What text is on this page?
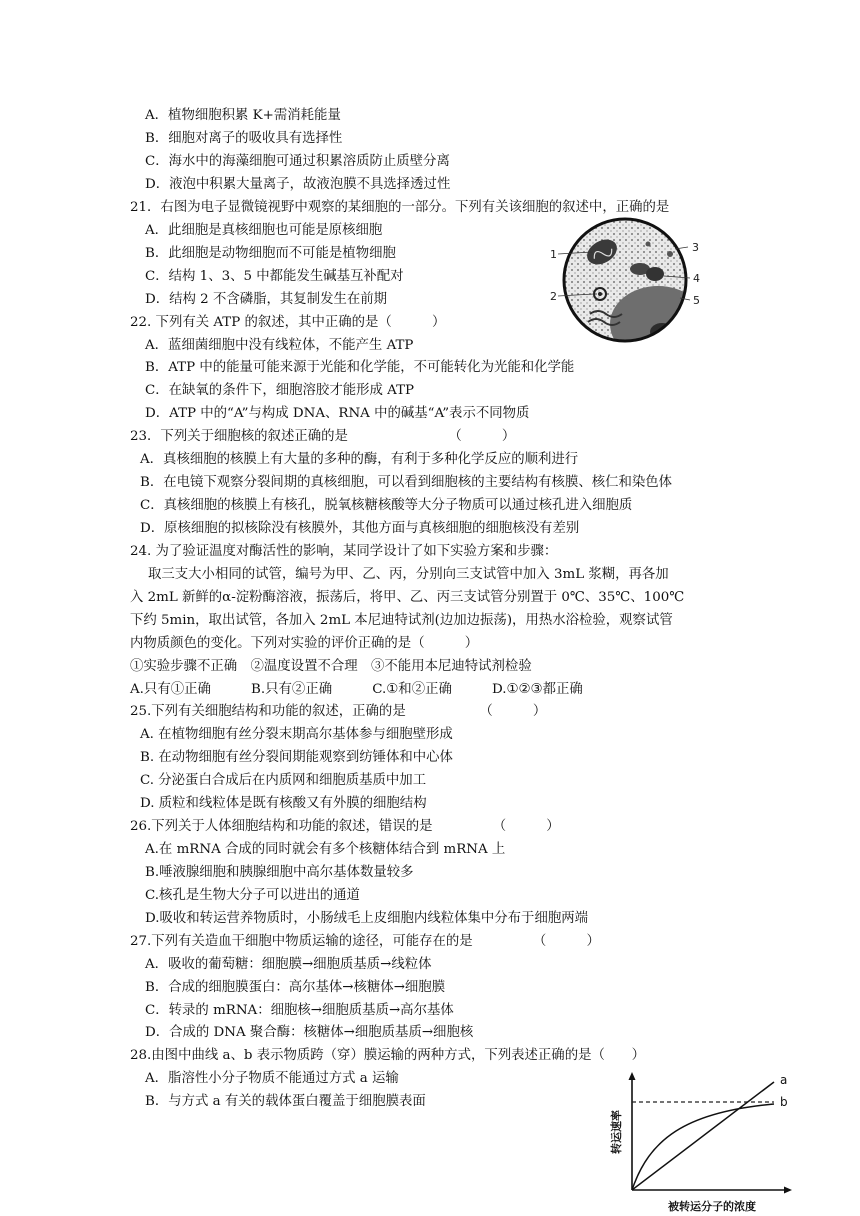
A．植物细胞积累 K+需消耗能量
B．细胞对离子的吸收具有选择性
C．海水中的海藻细胞可通过积累溶质防止质壁分离
D．液泡中积累大量离子，故液泡膜不具选择透过性
21．右图为电子显微镜视野中观察的某细胞的一部分。下列有关该细胞的叙述中，正确的是
A．此细胞是真核细胞也可能是原核细胞
B．此细胞是动物细胞而不可能是植物细胞
C．结构 1、3、5 中都能发生碱基互补配对
D．结构 2 不含磷脂，其复制发生在前期
22. 下列有关 ATP 的叙述，其中正确的是（　　　）
A．蓝细菌细胞中没有线粒体，不能产生 ATP
B．ATP 中的能量可能来源于光能和化学能，不可能转化为光能和化学能
C．在缺氧的条件下，细胞溶胶才能形成 ATP
D．ATP 中的“A”与构成 DNA、RNA 中的碱基“A”表示不同物质
23．下列关于细胞核的叙述正确的是　　　　　　　　（　　　）
A．真核细胞的核膜上有大量的多种的酶，有利于多种化学反应的顺利进行
B．在电镜下观察分裂间期的真核细胞，可以看到细胞核的主要结构有核膜、核仁和染色体
C．真核细胞的核膜上有核孔，脱氧核糖核酸等大分子物质可以通过核孔进入细胞质
D．原核细胞的拟核除没有核膜外，其他方面与真核细胞的细胞核没有差别
24. 为了验证温度对酶活性的影响，某同学设计了如下实验方案和步骤：
取三支大小相同的试管，编号为甲、乙、丙，分别向三支试管中加入 3mL 浆糊，再各加
入 2mL 新鲜的α-淀粉酶溶液，振荡后，将甲、乙、丙三支试管分别置于 0℃、35℃、100℃
下约 5min，取出试管，各加入 2mL 本尼迪特试剂(边加边振荡)，用热水浴检验，观察试管
内物质颜色的变化。下列对实验的评价正确的是（　　　）
①实验步骤不正确　②温度设置不合理　③不能用本尼迪特试剂检验
A.只有①正确　　　B.只有②正确　　　C.①和②正确　　　D.①②③都正确
25.下列有关细胞结构和功能的叙述，正确的是　　　　　　（　　　）
A. 在植物细胞有丝分裂末期高尔基体参与细胞壁形成
B. 在动物细胞有丝分裂间期能观察到纺锤体和中心体
C. 分泌蛋白合成后在内质网和细胞质基质中加工
D. 质粒和线粒体是既有核酸又有外膜的细胞结构
26.下列关于人体细胞结构和功能的叙述，错误的是　　　　　（　　　）
A.在 mRNA 合成的同时就会有多个核糖体结合到 mRNA 上
B.唾液腺细胞和胰腺细胞中高尔基体数量较多
C.核孔是生物大分子可以进出的通道
D.吸收和转运营养物质时，小肠绒毛上皮细胞内线粒体集中分布于细胞两端
27.下列有关造血干细胞中物质运输的途径，可能存在的是　　　　　（　　　）
A．吸收的葡萄糖：细胞膜→细胞质基质→线粒体
B．合成的细胞膜蛋白：高尔基体→核糖体→细胞膜
C．转录的 mRNA：细胞核→细胞质基质→高尔基体
D．合成的 DNA 聚合酶：核糖体→细胞质基质→细胞核
28.由图中曲线 a、b 表示物质跨（穿）膜运输的两种方式，下列表述正确的是（　　）
A．脂溶性小分子物质不能通过方式 a 运输
B．与方式 a 有关的载体蛋白覆盖于细胞膜表面
1
2
3
4
5
a
b
转运速率
被转运分子的浓度
